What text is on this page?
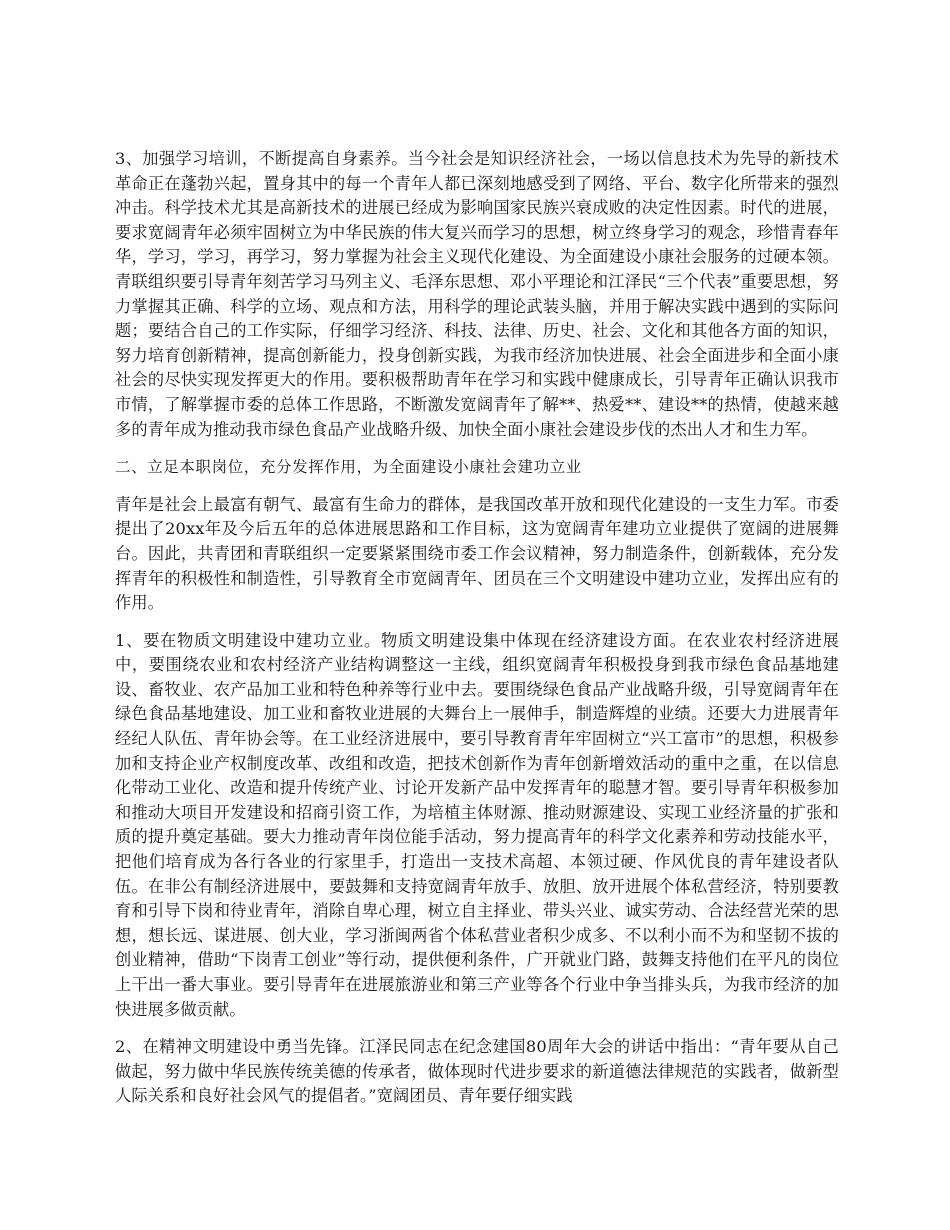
3、加强学习培训，不断提高自身素养。当今社会是知识经济社会，一场以信息技术为先导的新技术革命正在蓬勃兴起，置身其中的每一个青年人都已深刻地感受到了网络、平台、数字化所带来的强烈冲击。科学技术尤其是高新技术的进展已经成为影响国家民族兴衰成败的决定性因素。时代的进展，要求宽阔青年必须牢固树立为中华民族的伟大复兴而学习的思想，树立终身学习的观念，珍惜青春年华，学习，学习，再学习，努力掌握为社会主义现代化建设、为全面建设小康社会服务的过硬本领。青联组织要引导青年刻苦学习马列主义、毛泽东思想、邓小平理论和江泽民“三个代表”重要思想，努力掌握其正确、科学的立场、观点和方法，用科学的理论武装头脑，并用于解决实践中遇到的实际问题；要结合自己的工作实际，仔细学习经济、科技、法律、历史、社会、文化和其他各方面的知识，努力培育创新精神，提高创新能力，投身创新实践，为我市经济加快进展、社会全面进步和全面小康社会的尽快实现发挥更大的作用。要积极帮助青年在学习和实践中健康成长，引导青年正确认识我市市情，了解掌握市委的总体工作思路，不断激发宽阔青年了解**、热爱**、建设**的热情，使越来越多的青年成为推动我市绿色食品产业战略升级、加快全面小康社会建设步伐的杰出人才和生力军。

二、立足本职岗位，充分发挥作用，为全面建设小康社会建功立业

青年是社会上最富有朝气、最富有生命力的群体，是我国改革开放和现代化建设的一支生力军。市委提出了20xx年及今后五年的总体进展思路和工作目标，这为宽阔青年建功立业提供了宽阔的进展舞台。因此，共青团和青联组织一定要紧紧围绕市委工作会议精神，努力制造条件，创新载体，充分发挥青年的积极性和制造性，引导教育全市宽阔青年、团员在三个文明建设中建功立业，发挥出应有的作用。

1、要在物质文明建设中建功立业。物质文明建设集中体现在经济建设方面。在农业农村经济进展中，要围绕农业和农村经济产业结构调整这一主线，组织宽阔青年积极投身到我市绿色食品基地建设、畜牧业、农产品加工业和特色种养等行业中去。要围绕绿色食品产业战略升级，引导宽阔青年在绿色食品基地建设、加工业和畜牧业进展的大舞台上一展伸手，制造辉煌的业绩。还要大力进展青年经纪人队伍、青年协会等。在工业经济进展中，要引导教育青年牢固树立“兴工富市”的思想，积极参加和支持企业产权制度改革、改组和改造，把技术创新作为青年创新增效活动的重中之重，在以信息化带动工业化、改造和提升传统产业、讨论开发新产品中发挥青年的聪慧才智。要引导青年积极参加和推动大项目开发建设和招商引资工作，为培植主体财源、推动财源建设、实现工业经济量的扩张和质的提升奠定基础。要大力推动青年岗位能手活动，努力提高青年的科学文化素养和劳动技能水平，把他们培育成为各行各业的行家里手，打造出一支技术高超、本领过硬、作风优良的青年建设者队伍。在非公有制经济进展中，要鼓舞和支持宽阔青年放手、放胆、放开进展个体私营经济，特别要教育和引导下岗和待业青年，消除自卑心理，树立自主择业、带头兴业、诚实劳动、合法经营光荣的思想，想长远、谋进展、创大业，学习浙闽两省个体私营业者积少成多、不以利小而不为和坚韧不拔的创业精神，借助“下岗青工创业”等行动，提供便利条件，广开就业门路，鼓舞支持他们在平凡的岗位上干出一番大事业。要引导青年在进展旅游业和第三产业等各个行业中争当排头兵，为我市经济的加快进展多做贡献。

2、在精神文明建设中勇当先锋。江泽民同志在纪念建国80周年大会的讲话中指出：“青年要从自己做起，努力做中华民族传统美德的传承者，做体现时代进步要求的新道德法律规范的实践者，做新型人际关系和良好社会风气的提倡者。”宽阔团员、青年要仔细实践
